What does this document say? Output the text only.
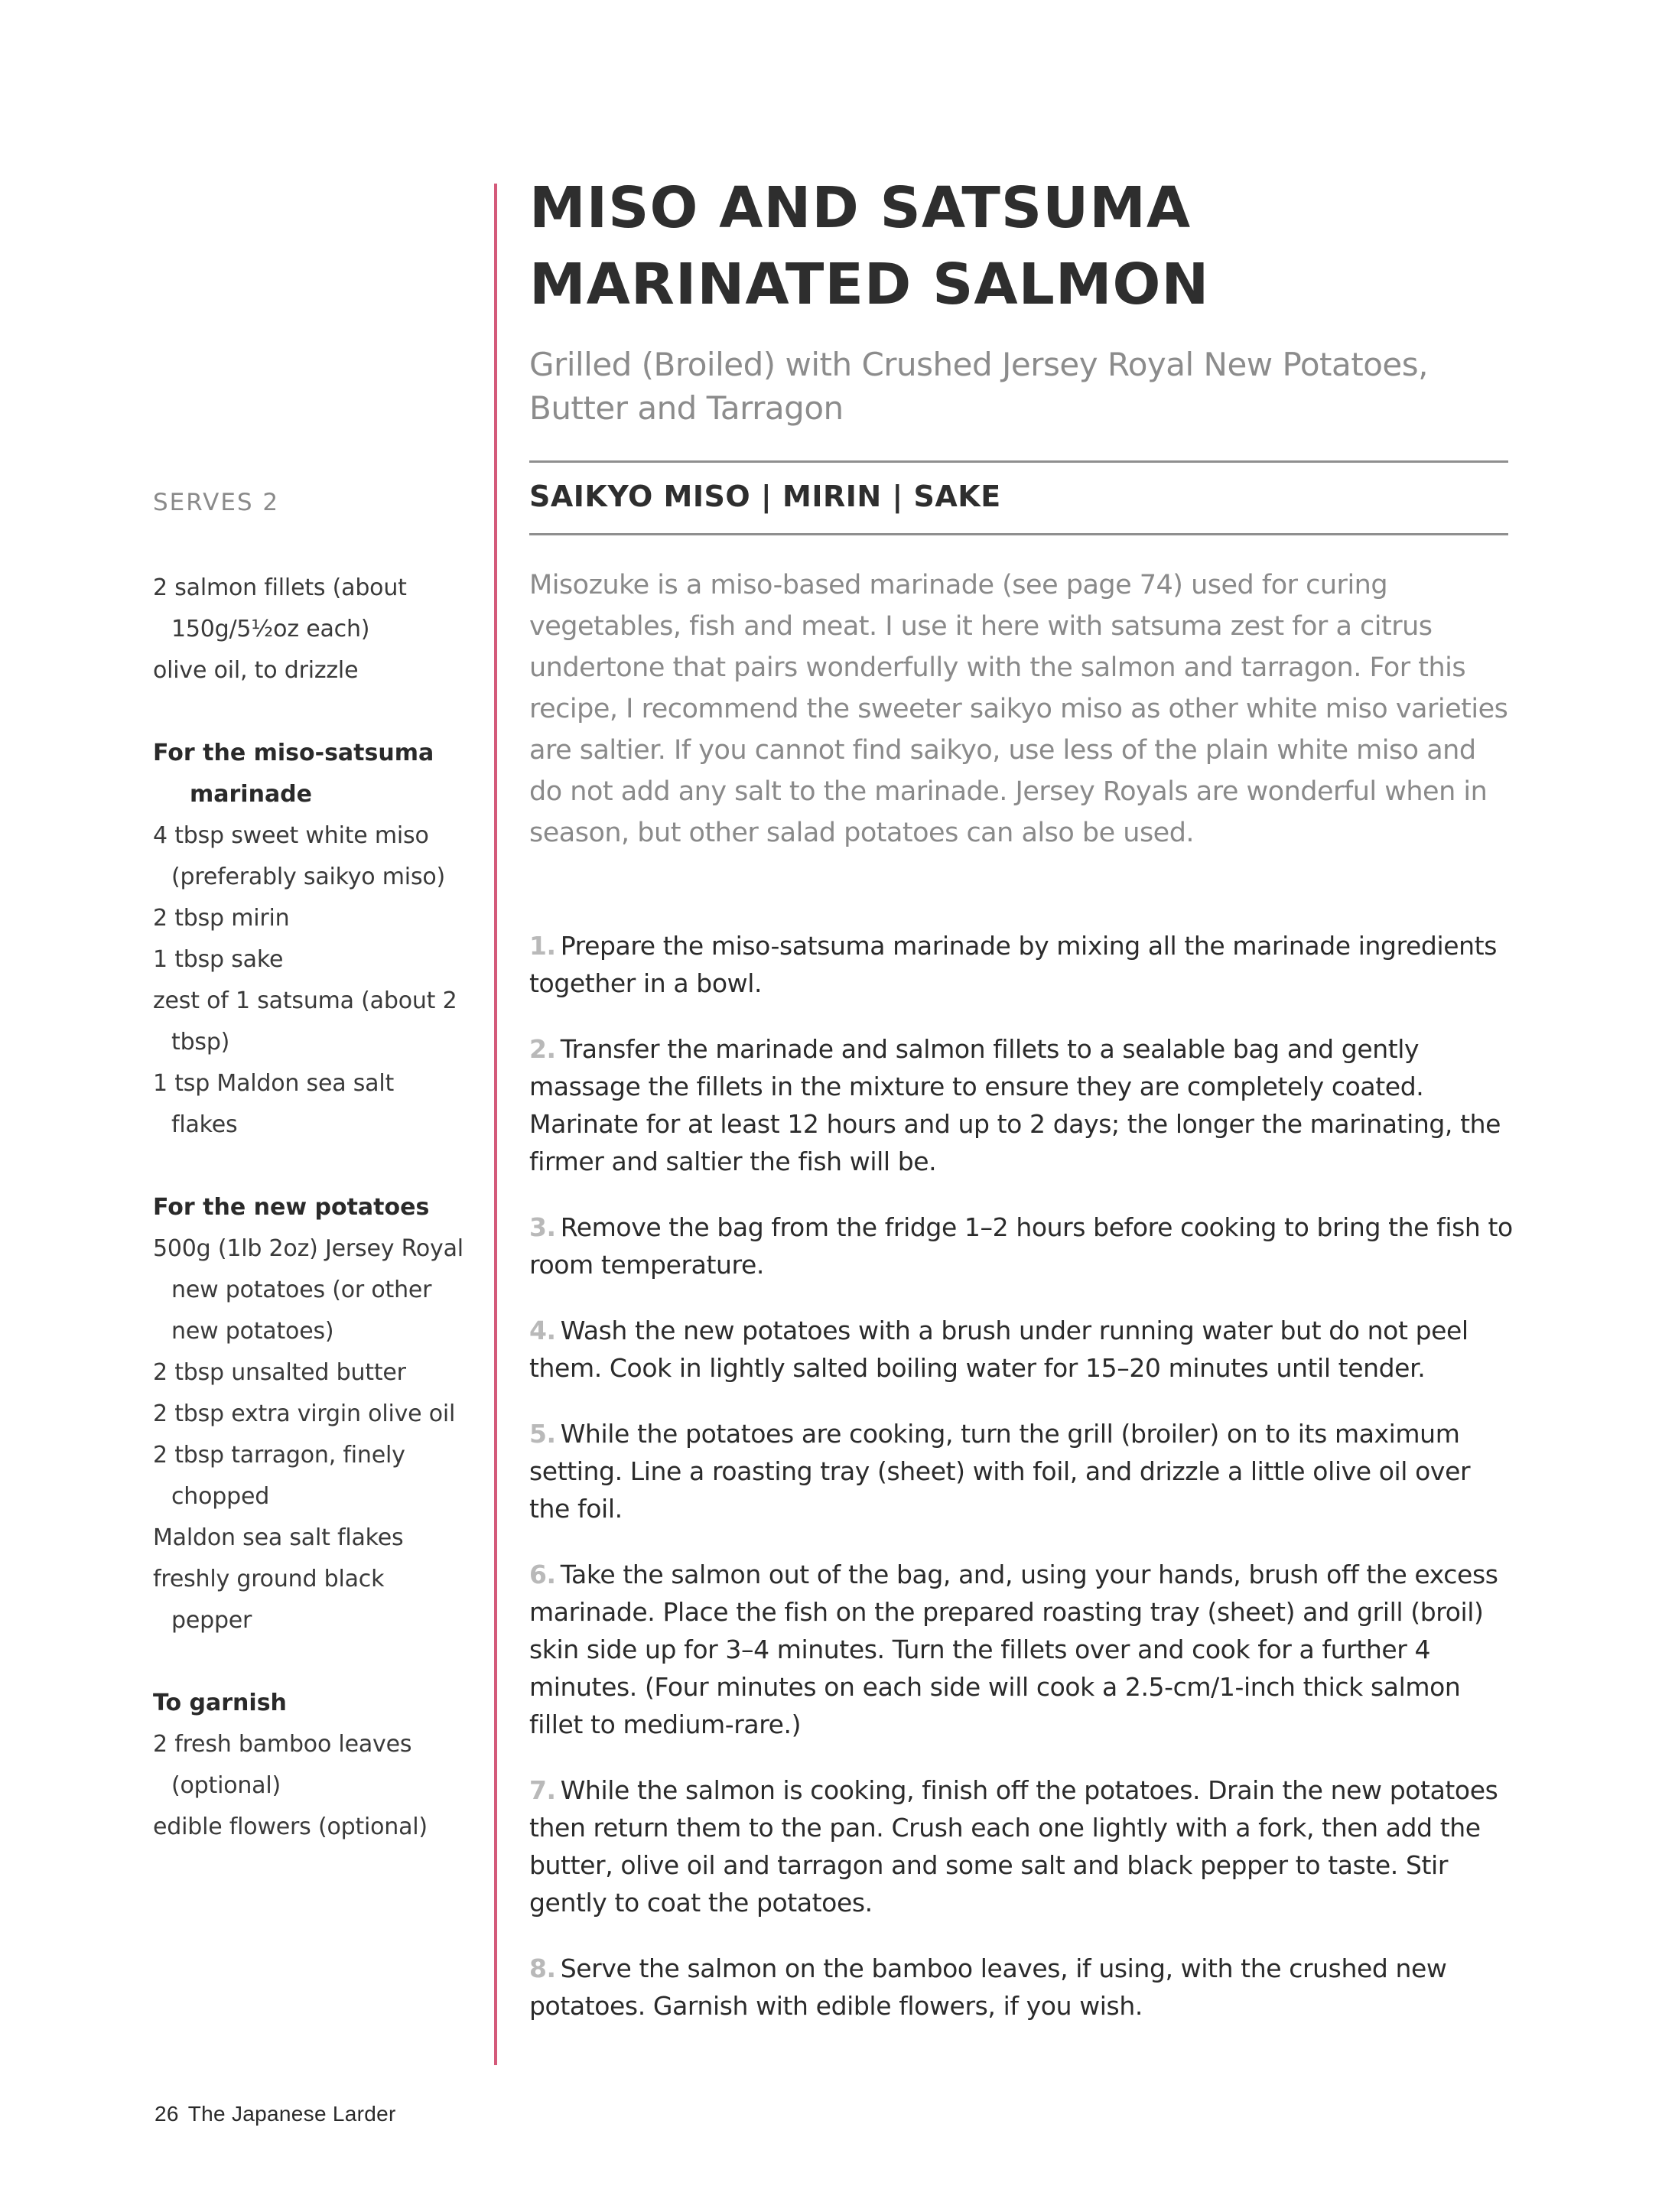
SERVES 2

2 salmon fillets (about 150g/5½oz each)

olive oil, to drizzle

For the miso-satsuma marinade

4 tbsp sweet white miso (preferably saikyo miso)

2 tbsp mirin

1 tbsp sake

zest of 1 satsuma (about 2 tbsp)

1 tsp Maldon sea salt flakes

For the new potatoes

500g (1lb 2oz) Jersey Royal new potatoes (or other new potatoes)

2 tbsp unsalted butter

2 tbsp extra virgin olive oil

2 tbsp tarragon, finely chopped

Maldon sea salt flakes

freshly ground black pepper

To garnish

2 fresh bamboo leaves (optional)

edible flowers (optional)

MISO AND SATSUMA
MARINATED SALMON

Grilled (Broiled) with Crushed Jersey Royal New Potatoes,
Butter and Tarragon

SAIKYO MISO | MIRIN | SAKE

Misozuke is a miso-based marinade (see page 74) used for curing vegetables, fish and meat. I use it here with satsuma zest for a citrus undertone that pairs wonderfully with the salmon and tarragon. For this recipe, I recommend the sweeter saikyo miso as other white miso varieties are saltier. If you cannot find saikyo, use less of the plain white miso and do not add any salt to the marinade. Jersey Royals are wonderful when in season, but other salad potatoes can also be used.

1. Prepare the miso-satsuma marinade by mixing all the marinade ingredients together in a bowl.

2. Transfer the marinade and salmon fillets to a sealable bag and gently massage the fillets in the mixture to ensure they are completely coated. Marinate for at least 12 hours and up to 2 days; the longer the marinating, the firmer and saltier the fish will be.

3. Remove the bag from the fridge 1–2 hours before cooking to bring the fish to room temperature.

4. Wash the new potatoes with a brush under running water but do not peel them. Cook in lightly salted boiling water for 15–20 minutes until tender.

5. While the potatoes are cooking, turn the grill (broiler) on to its maximum setting. Line a roasting tray (sheet) with foil, and drizzle a little olive oil over the foil.

6. Take the salmon out of the bag, and, using your hands, brush off the excess marinade. Place the fish on the prepared roasting tray (sheet) and grill (broil) skin side up for 3–4 minutes. Turn the fillets over and cook for a further 4 minutes. (Four minutes on each side will cook a 2.5-cm/1-inch thick salmon fillet to medium-rare.)

7. While the salmon is cooking, finish off the potatoes. Drain the new potatoes then return them to the pan. Crush each one lightly with a fork, then add the butter, olive oil and tarragon and some salt and black pepper to taste. Stir gently to coat the potatoes.

8. Serve the salmon on the bamboo leaves, if using, with the crushed new potatoes. Garnish with edible flowers, if you wish.

26 The Japanese Larder
